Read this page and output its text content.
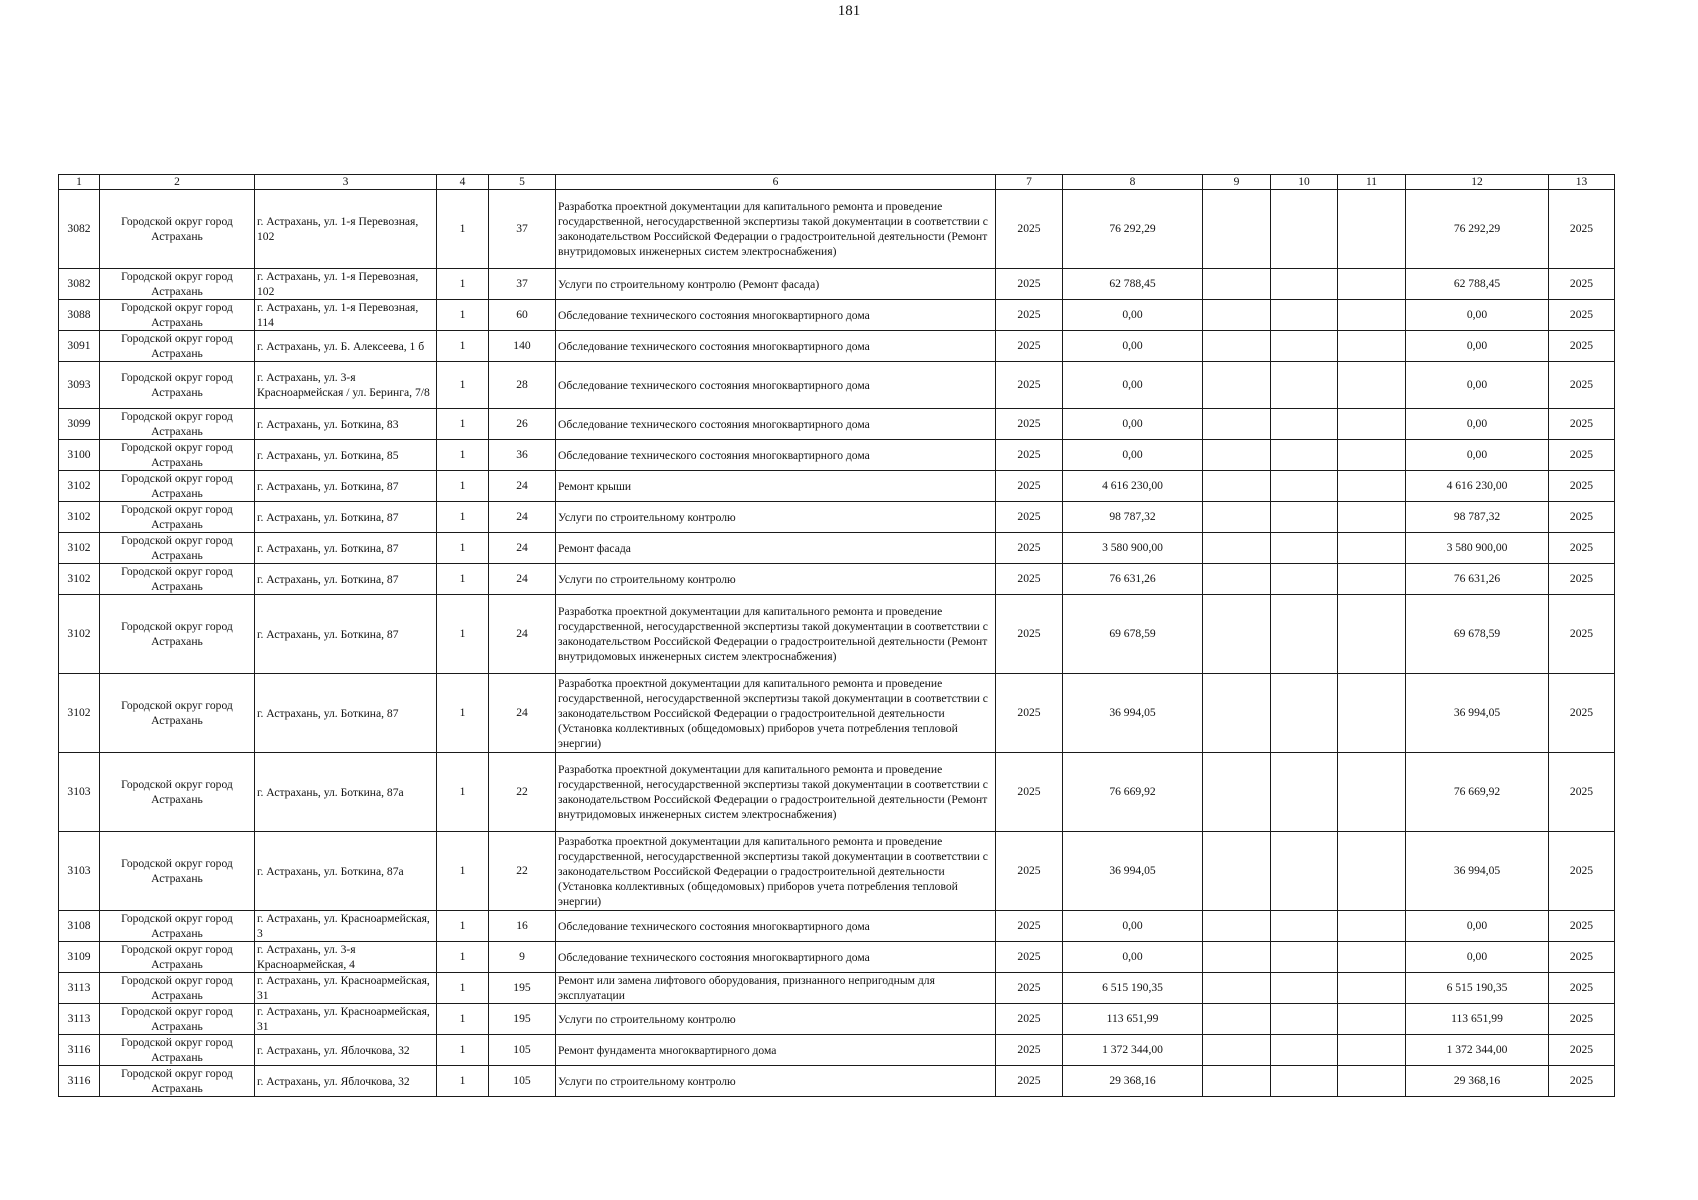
181
1	2	3	4	5	6	7	8	9	10	11	12	13
3082	Городской округ город Астрахань	г. Астрахань, ул. 1-я Перевозная, 102	1	37	Разработка проектной документации для капитального ремонта и проведение государственной, негосударственной экспертизы такой документации в соответствии с законодательством Российской Федерации о градостроительной деятельности (Ремонт внутридомовых инженерных систем электроснабжения)	2025	76 292,29				76 292,29	2025
3082	Городской округ город Астрахань	г. Астрахань, ул. 1-я Перевозная, 102	1	37	Услуги по строительному контролю (Ремонт фасада)	2025	62 788,45				62 788,45	2025
3088	Городской округ город Астрахань	г. Астрахань, ул. 1-я Перевозная, 114	1	60	Обследование технического состояния многоквартирного дома	2025	0,00				0,00	2025
3091	Городской округ город Астрахань	г. Астрахань, ул. Б. Алексеева, 1 б	1	140	Обследование технического состояния многоквартирного дома	2025	0,00				0,00	2025
3093	Городской округ город Астрахань	г. Астрахань, ул. 3-я Красноармейская / ул. Беринга, 7/8	1	28	Обследование технического состояния многоквартирного дома	2025	0,00				0,00	2025
3099	Городской округ город Астрахань	г. Астрахань, ул. Боткина, 83	1	26	Обследование технического состояния многоквартирного дома	2025	0,00				0,00	2025
3100	Городской округ город Астрахань	г. Астрахань, ул. Боткина, 85	1	36	Обследование технического состояния многоквартирного дома	2025	0,00				0,00	2025
3102	Городской округ город Астрахань	г. Астрахань, ул. Боткина, 87	1	24	Ремонт крыши	2025	4 616 230,00				4 616 230,00	2025
3102	Городской округ город Астрахань	г. Астрахань, ул. Боткина, 87	1	24	Услуги по строительному контролю	2025	98 787,32				98 787,32	2025
3102	Городской округ город Астрахань	г. Астрахань, ул. Боткина, 87	1	24	Ремонт фасада	2025	3 580 900,00				3 580 900,00	2025
3102	Городской округ город Астрахань	г. Астрахань, ул. Боткина, 87	1	24	Услуги по строительному контролю	2025	76 631,26				76 631,26	2025
3102	Городской округ город Астрахань	г. Астрахань, ул. Боткина, 87	1	24	Разработка проектной документации для капитального ремонта и проведение государственной, негосударственной экспертизы такой документации в соответствии с законодательством Российской Федерации о градостроительной деятельности (Ремонт внутридомовых инженерных систем электроснабжения)	2025	69 678,59				69 678,59	2025
3102	Городской округ город Астрахань	г. Астрахань, ул. Боткина, 87	1	24	Разработка проектной документации для капитального ремонта и проведение государственной, негосударственной экспертизы такой документации в соответствии с законодательством Российской Федерации о градостроительной деятельности (Установка коллективных (общедомовых) приборов учета потребления тепловой энергии)	2025	36 994,05				36 994,05	2025
3103	Городской округ город Астрахань	г. Астрахань, ул. Боткина, 87а	1	22	Разработка проектной документации для капитального ремонта и проведение государственной, негосударственной экспертизы такой документации в соответствии с законодательством Российской Федерации о градостроительной деятельности (Ремонт внутридомовых инженерных систем электроснабжения)	2025	76 669,92				76 669,92	2025
3103	Городской округ город Астрахань	г. Астрахань, ул. Боткина, 87а	1	22	Разработка проектной документации для капитального ремонта и проведение государственной, негосударственной экспертизы такой документации в соответствии с законодательством Российской Федерации о градостроительной деятельности (Установка коллективных (общедомовых) приборов учета потребления тепловой энергии)	2025	36 994,05				36 994,05	2025
3108	Городской округ город Астрахань	г. Астрахань, ул. Красноармейская, 3	1	16	Обследование технического состояния многоквартирного дома	2025	0,00				0,00	2025
3109	Городской округ город Астрахань	г. Астрахань, ул. 3-я Красноармейская, 4	1	9	Обследование технического состояния многоквартирного дома	2025	0,00				0,00	2025
3113	Городской округ город Астрахань	г. Астрахань, ул. Красноармейская, 31	1	195	Ремонт или замена лифтового оборудования, признанного непригодным для эксплуатации	2025	6 515 190,35				6 515 190,35	2025
3113	Городской округ город Астрахань	г. Астрахань, ул. Красноармейская, 31	1	195	Услуги по строительному контролю	2025	113 651,99				113 651,99	2025
3116	Городской округ город Астрахань	г. Астрахань, ул. Яблочкова, 32	1	105	Ремонт фундамента многоквартирного дома	2025	1 372 344,00				1 372 344,00	2025
3116	Городской округ город Астрахань	г. Астрахань, ул. Яблочкова, 32	1	105	Услуги по строительному контролю	2025	29 368,16				29 368,16	2025
